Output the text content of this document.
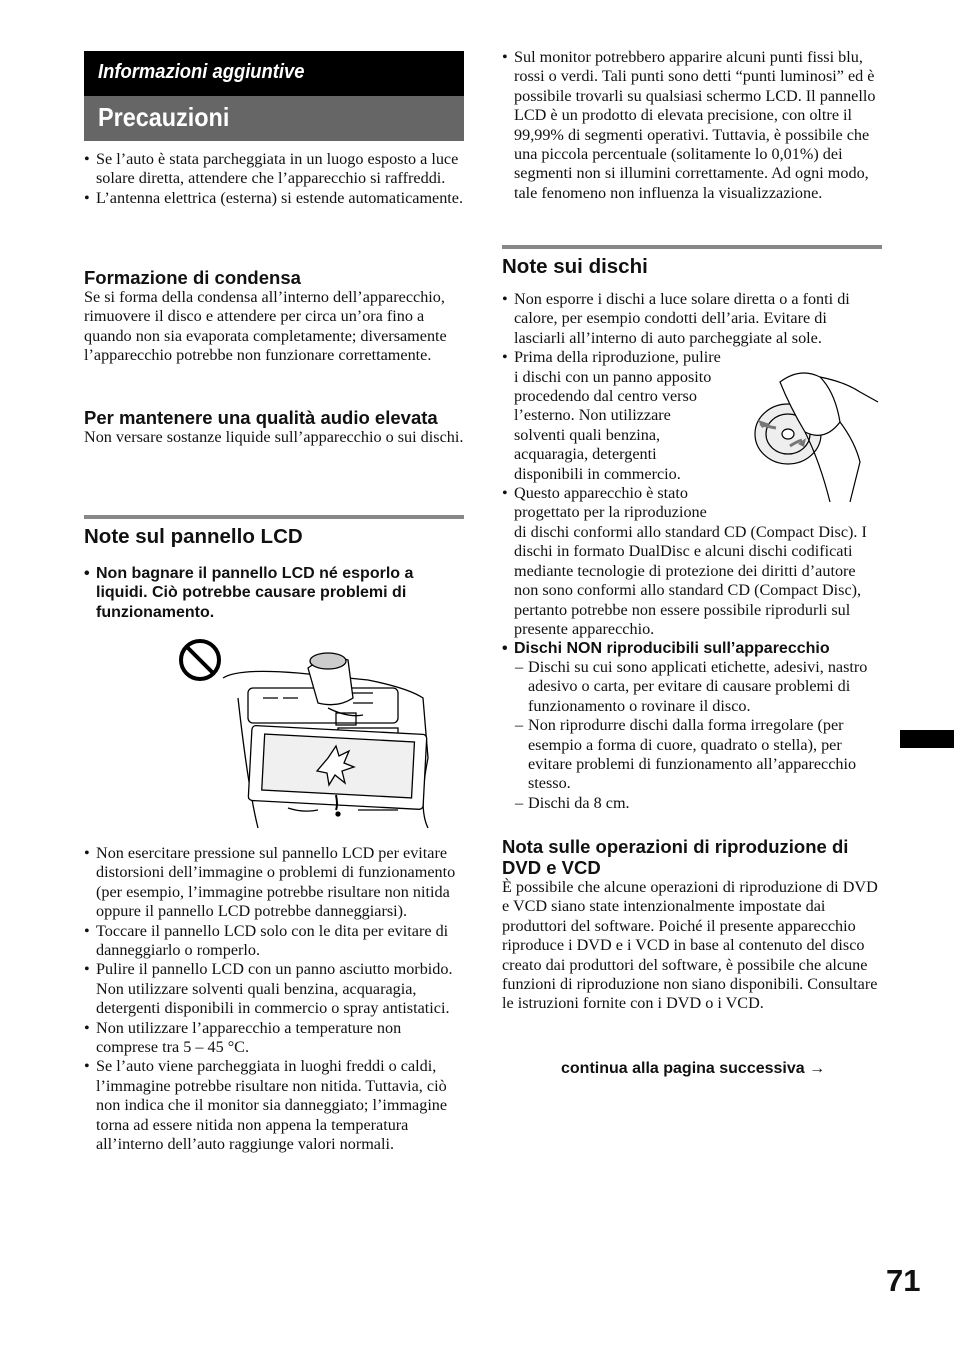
Informazioni aggiuntive
Precauzioni
• Se l’auto è stata parcheggiata in un luogo esposto a luce solare diretta, attendere che l’apparecchio si raffreddi.
• L’antenna elettrica (esterna) si estende automaticamente.
Formazione di condensa

Se si forma della condensa all’interno dell’apparecchio, rimuovere il disco e attendere per circa un’ora fino a quando non sia evaporata completamente; diversamente l’apparecchio potrebbe non funzionare correttamente.

Per mantenere una qualità audio elevata

Non versare sostanze liquide sull’apparecchio o sui dischi.

Note sul pannello LCD
• Non bagnare il pannello LCD né esporlo a liquidi. Ciò potrebbe causare problemi di funzionamento.
• Non esercitare pressione sul pannello LCD per evitare distorsioni dell’immagine o problemi di funzionamento (per esempio, l’immagine potrebbe risultare non nitida oppure il pannello LCD potrebbe danneggiarsi).
• Toccare il pannello LCD solo con le dita per evitare di danneggiarlo o romperlo.
• Pulire il pannello LCD con un panno asciutto morbido. Non utilizzare solventi quali benzina, acquaragia, detergenti disponibili in commercio o spray antistatici.
• Non utilizzare l’apparecchio a temperature non comprese tra 5 – 45 °C.
• Se l’auto viene parcheggiata in luoghi freddi o caldi, l’immagine potrebbe risultare non nitida. Tuttavia, ciò non indica che il monitor sia danneggiato; l’immagine torna ad essere nitida non appena la temperatura all’interno dell’auto raggiunge valori normali.
• Sul monitor potrebbero apparire alcuni punti fissi blu, rossi o verdi. Tali punti sono detti “punti luminosi” ed è possibile trovarli su qualsiasi schermo LCD. Il pannello LCD è un prodotto di elevata precisione, con oltre il 99,99% di segmenti operativi. Tuttavia, è possibile che una piccola percentuale (solitamente lo 0,01%) dei segmenti non si illumini correttamente. Ad ogni modo, tale fenomeno non influenza la visualizzazione.
Note sui dischi
• Non esporre i dischi a luce solare diretta o a fonti di calore, per esempio condotti dell’aria. Evitare di lasciarli all’interno di auto parcheggiate al sole.
• Prima della riproduzione, pulire
i dischi con un panno apposito
procedendo dal centro verso
l’esterno. Non utilizzare
solventi quali benzina,
acquaragia, detergenti
disponibili in commercio.
• Questo apparecchio è stato
progettato per la riproduzione
di dischi conformi allo standard CD (Compact Disc). I dischi in formato DualDisc e alcuni dischi codificati mediante tecnologie di protezione dei diritti d’autore non sono conformi allo standard CD (Compact Disc), pertanto potrebbe non essere possibile riprodurli sul presente apparecchio.
• Dischi NON riproducibili sull’apparecchio
– Dischi su cui sono applicati etichette, adesivi, nastro adesivo o carta, per evitare di causare problemi di funzionamento o rovinare il disco.
– Non riprodurre dischi dalla forma irregolare (per esempio a forma di cuore, quadrato o stella), per evitare problemi di funzionamento all’apparecchio stesso.
– Dischi da 8 cm.
Nota sulle operazioni di riproduzione di DVD e VCD

È possibile che alcune operazioni di riproduzione di DVD e VCD siano state intenzionalmente impostate dai produttori del software. Poiché il presente apparecchio riproduce i DVD e i VCD in base al contenuto del disco creato dai produttori del software, è possibile che alcune funzioni di riproduzione non siano disponibili. Consultare le istruzioni fornite con i DVD o i VCD.

continua alla pagina successiva →
71
